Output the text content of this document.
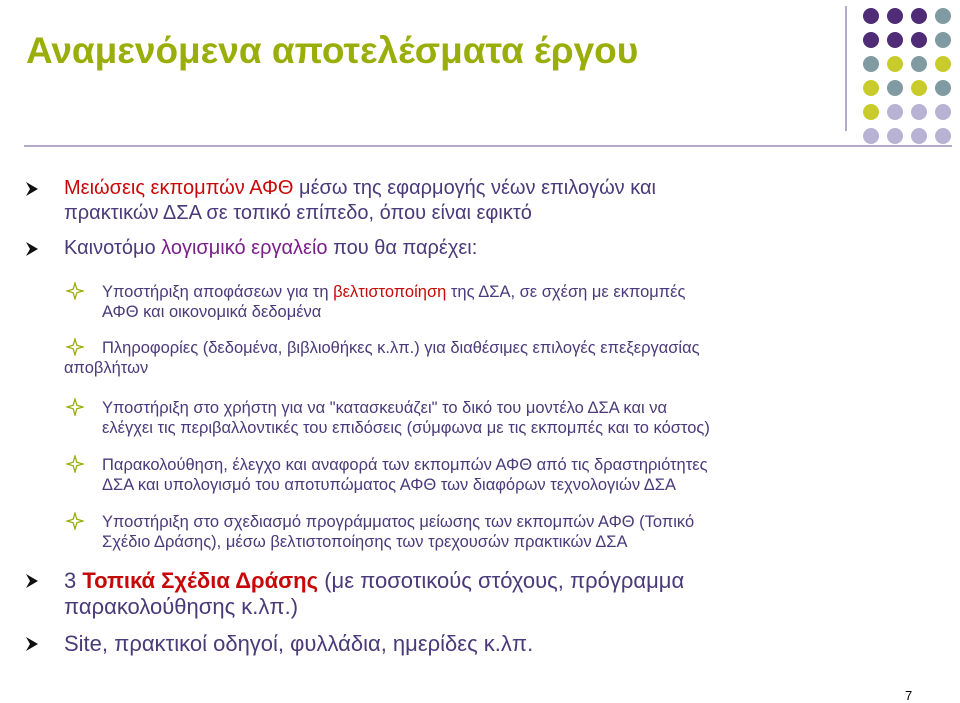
Αναμενόμενα αποτελέσματα έργου

Μειώσεις εκπομπών ΑΦΘ μέσω της εφαρμογής νέων επιλογών και

πρακτικών ΔΣΑ σε τοπικό επίπεδο, όπου είναι εφικτό

Καινοτόμο λογισμικό εργαλείο που θα παρέχει:

Υποστήριξη αποφάσεων για τη βελτιστοποίηση της ΔΣΑ, σε σχέση με εκπομπές

ΑΦΘ και οικονομικά δεδομένα

Πληροφορίες (δεδομένα, βιβλιοθήκες κ.λπ.) για διαθέσιμες επιλογές επεξεργασίας

αποβλήτων

Υποστήριξη στο χρήστη για να "κατασκευάζει" το δικό του μοντέλο ΔΣΑ και να

ελέγχει τις περιβαλλοντικές του επιδόσεις (σύμφωνα με τις εκπομπές και το κόστος)

Παρακολούθηση, έλεγχο και αναφορά των εκπομπών ΑΦΘ από τις δραστηριότητες

ΔΣΑ και υπολογισμό του αποτυπώματος ΑΦΘ των διαφόρων τεχνολογιών ΔΣΑ

Υποστήριξη στο σχεδιασμό προγράμματος μείωσης των εκπομπών ΑΦΘ (Τοπικό

Σχέδιο Δράσης), μέσω βελτιστοποίησης των τρεχουσών πρακτικών ΔΣΑ

3 Τοπικά Σχέδια Δράσης (με ποσοτικούς στόχους, πρόγραμμα

παρακολούθησης κ.λπ.)

Site, πρακτικοί οδηγοί, φυλλάδια, ημερίδες κ.λπ.

7
